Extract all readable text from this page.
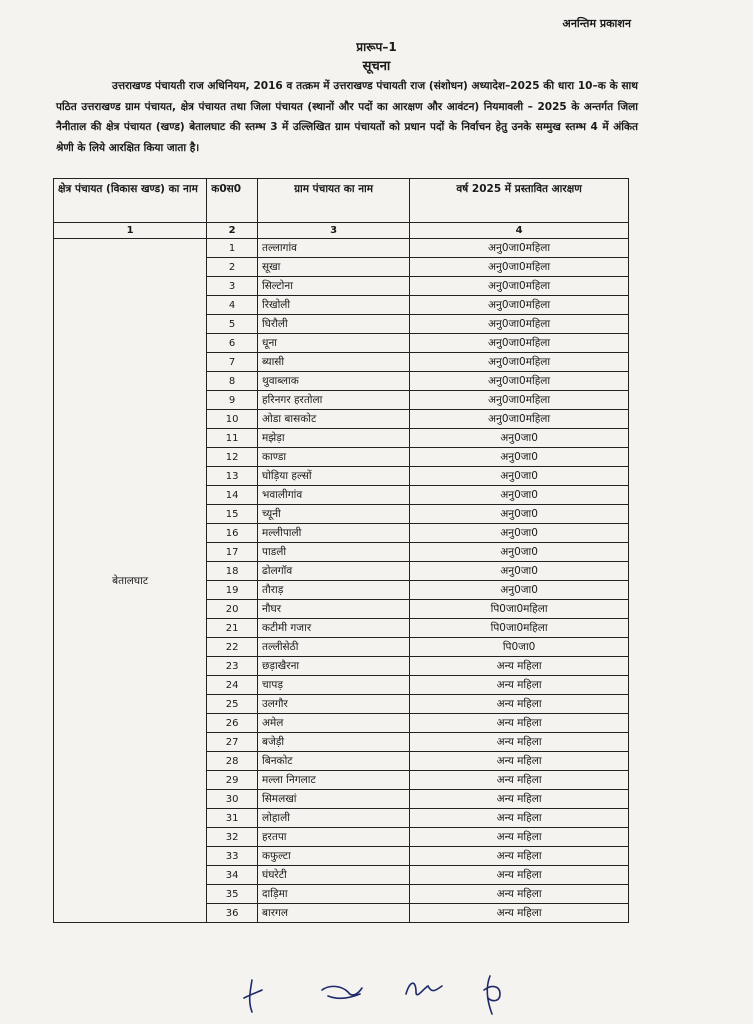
अनन्तिम प्रकाशन
प्रारूप–1
सूचना
उत्तराखण्ड पंचायती राज अधिनियम, 2016 व तत्क्रम में उत्तराखण्ड पंचायती राज (संशोधन) अध्यादेश–2025 की धारा 10–क के साथ पठित उत्तराखण्ड ग्राम पंचायत, क्षेत्र पंचायत तथा जिला पंचायत (स्थानों और पदों का आरक्षण और आवंटन) नियमावली – 2025 के अन्तर्गत जिला नैनीताल की क्षेत्र पंचायत (खण्ड) बेतालघाट की स्तम्भ 3 में उल्लिखित ग्राम पंचायतों को प्रधान पदों के निर्वाचन हेतु उनके सम्मुख स्तम्भ 4 में अंकित श्रेणी के लिये आरक्षित किया जाता है।
क्षेत्र पंचायत (विकास खण्ड) का नाम	क0स0	ग्राम पंचायत का नाम	वर्ष 2025 में प्रस्तावित आरक्षण
1	2	3	4
बेतालघाट	1	तल्लागांव	अनु0जा0महिला
	2	सूखा	अनु0जा0महिला
	3	सिल्टोना	अनु0जा0महिला
	4	रिखोली	अनु0जा0महिला
	5	घिरौली	अनु0जा0महिला
	6	धूना	अनु0जा0महिला
	7	ब्यासी	अनु0जा0महिला
	8	थुवाब्लाक	अनु0जा0महिला
	9	हरिनगर हरतोला	अनु0जा0महिला
	10	ओडा बासकोट	अनु0जा0महिला
	11	मझेड़ा	अनु0जा0
	12	काण्डा	अनु0जा0
	13	घोड़िया हल्सों	अनु0जा0
	14	भवालीगांव	अनु0जा0
	15	च्यूनी	अनु0जा0
	16	मल्लीपाली	अनु0जा0
	17	पाडली	अनु0जा0
	18	ढोलगॉव	अनु0जा0
	19	तौराड़	अनु0जा0
	20	नौघर	पि0जा0महिला
	21	कटीमी गजार	पि0जा0महिला
	22	तल्लीसेठी	पि0जा0
	23	छड़ाखैरना	अन्य महिला
	24	चापड़	अन्य महिला
	25	उलगौर	अन्य महिला
	26	अमेल	अन्य महिला
	27	बजेड़ी	अन्य महिला
	28	बिनकोट	अन्य महिला
	29	मल्ला निगलाट	अन्य महिला
	30	सिमलखां	अन्य महिला
	31	लोहाली	अन्य महिला
	32	हरतपा	अन्य महिला
	33	कफुल्टा	अन्य महिला
	34	घंघरेटी	अन्य महिला
	35	दाड़िमा	अन्य महिला
	36	बारगल	अन्य महिला
